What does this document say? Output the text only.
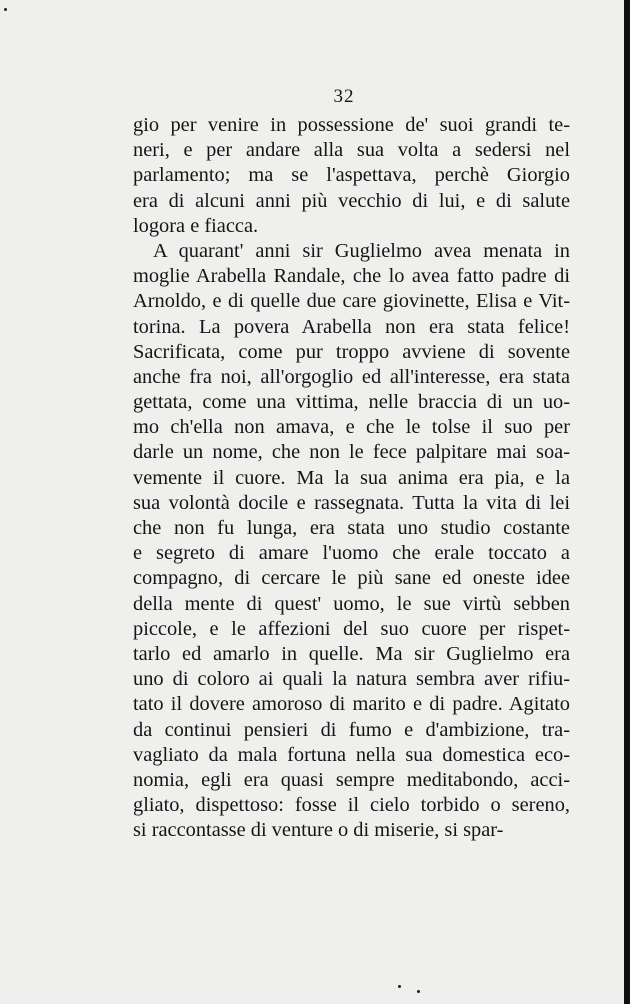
32
gio per venire in possessione de' suoi grandi te-
neri, e per andare alla sua volta a sedersi nel
parlamento; ma se l'aspettava, perchè Giorgio
era di alcuni anni più vecchio di lui, e di salute
logora e fiacca.
A quarant' anni sir Guglielmo avea menata in
moglie Arabella Randale, che lo avea fatto padre di
Arnoldo, e di quelle due care giovinette, Elisa e Vit-
torina. La povera Arabella non era stata felice!
Sacrificata, come pur troppo avviene di sovente
anche fra noi, all'orgoglio ed all'interesse, era stata
gettata, come una vittima, nelle braccia di un uo-
mo ch'ella non amava, e che le tolse il suo per
darle un nome, che non le fece palpitare mai soa-
vemente il cuore. Ma la sua anima era pia, e la
sua volontà docile e rassegnata. Tutta la vita di lei
che non fu lunga, era stata uno studio costante
e segreto di amare l'uomo che erale toccato a
compagno, di cercare le più sane ed oneste idee
della mente di quest' uomo, le sue virtù sebben
piccole, e le affezioni del suo cuore per rispet-
tarlo ed amarlo in quelle. Ma sir Guglielmo era
uno di coloro ai quali la natura sembra aver rifiu-
tato il dovere amoroso di marito e di padre. Agitato
da continui pensieri di fumo e d'ambizione, tra-
vagliato da mala fortuna nella sua domestica eco-
nomia, egli era quasi sempre meditabondo, acci-
gliato, dispettoso: fosse il cielo torbido o sereno,
si raccontasse di venture o di miserie, si spar-
